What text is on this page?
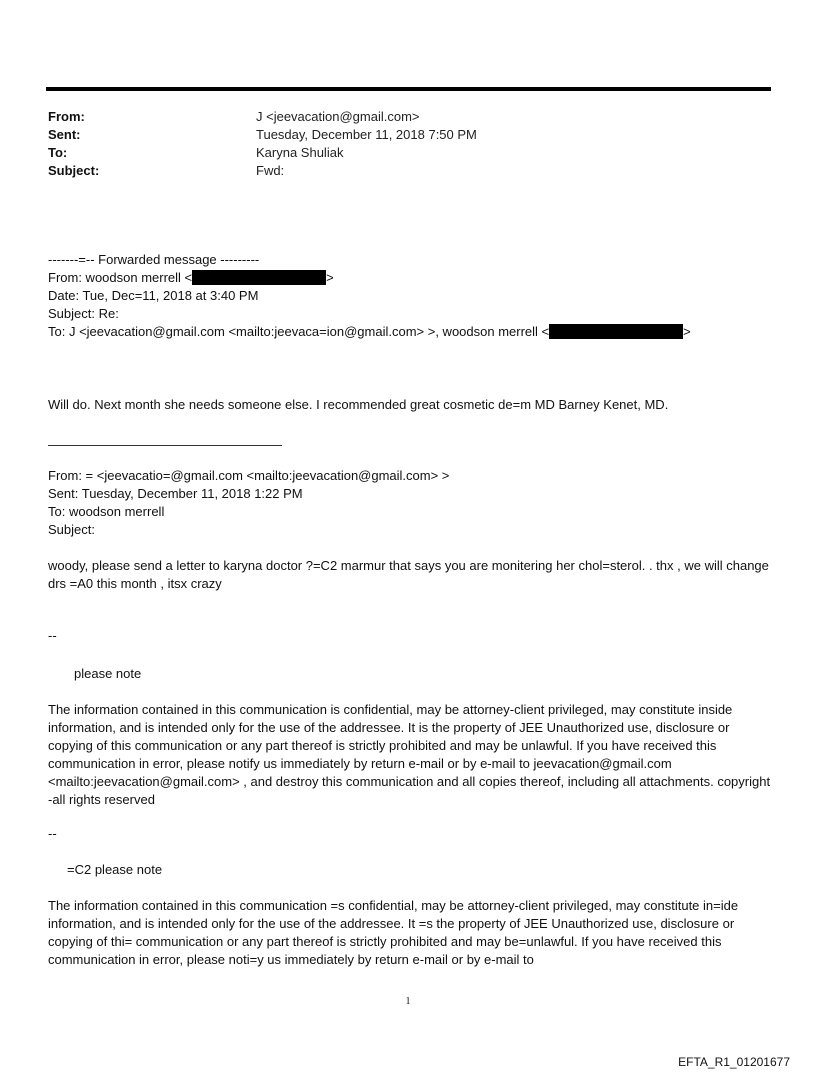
From:	J <jeevacation@gmail.com>
Sent:	Tuesday, December 11, 2018 7:50 PM
To:	Karyna Shuliak
Subject:	Fwd:
-------=-- Forwarded message ---------
From: woodson merrell <	>
Date: Tue, Dec=11, 2018 at 3:40 PM
Subject: Re:
To: J <jeevacation@gmail.com <mailto:jeevaca=ion@gmail.com> >, woodson merrell <	>
Will do. Next month she needs someone else. I recommended great cosmetic de=m MD Barney Kenet, MD.
From: = <jeevacatio=@gmail.com <mailto:jeevacation@gmail.com> >
Sent: Tuesday, December 11, 2018 1:22 PM
To: woodson merrell
Subject:

woody, please send a letter to karyna doctor ?=C2 marmur that says you are monitering her chol=sterol. . thx , we will change drs =A0 this month , itsx crazy

--
please note

The information contained in this communication is confidential, may be attorney-client privileged, may constitute inside information, and is intended only for the use of the addressee. It is the property of JEE Unauthorized use, disclosure or copying of this communication or any part thereof is strictly prohibited and may be unlawful. If you have received this communication in error, please notify us immediately by return e-mail or by e-mail to jeevacation@gmail.com <mailto:jeevacation@gmail.com> , and destroy this communication and all copies thereof, including all attachments. copyright -all rights reserved

--
=C2 please note

The information contained in this communication =s confidential, may be attorney-client privileged, may constitute in=ide information, and is intended only for the use of the addressee. It =s the property of JEE Unauthorized use, disclosure or copying of thi= communication or any part thereof is strictly prohibited and may be=unlawful. If you have received this communication in error, please noti=y us immediately by return e-mail or by e-mail to

1
EFTA_R1_01201677
